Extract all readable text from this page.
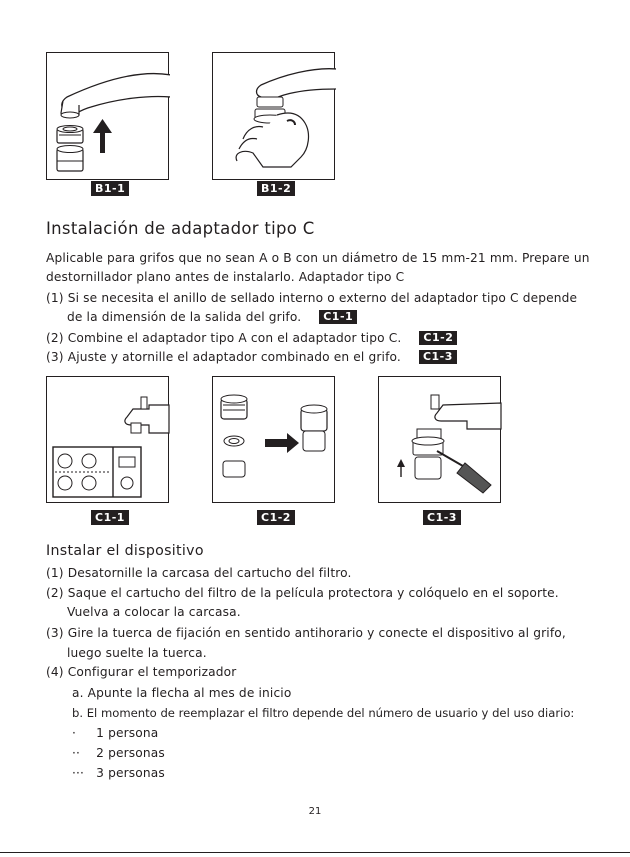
B1-1	B1-2
Instalación de adaptador tipo C
Aplicable para grifos que no sean A o B con un diámetro de 15 mm-21 mm. Prepare un
destornillador plano antes de instalarlo. Adaptador tipo C
(1) Si se necesita el anillo de sellado interno o externo del adaptador tipo C depende
de la dimensión de la salida del grifo. C1-1
(2) Combine el adaptador tipo A con el adaptador tipo C. C1-2
(3) Ajuste y atornille el adaptador combinado en el grifo. C1-3
C1-1	C1-2	C1-3
Instalar el dispositivo
(1) Desatornille la carcasa del cartucho del filtro.
(2) Saque el cartucho del filtro de la película protectora y colóquelo en el soporte.
Vuelva a colocar la carcasa.
(3) Gire la tuerca de fijación en sentido antihorario y conecte el dispositivo al grifo,
luego suelte la tuerca.
(4) Configurar el temporizador
a. Apunte la flecha al mes de inicio
b. El momento de reemplazar el filtro depende del número de usuario y del uso diario:
·     1 persona
··    2 personas
···   3 personas
21
